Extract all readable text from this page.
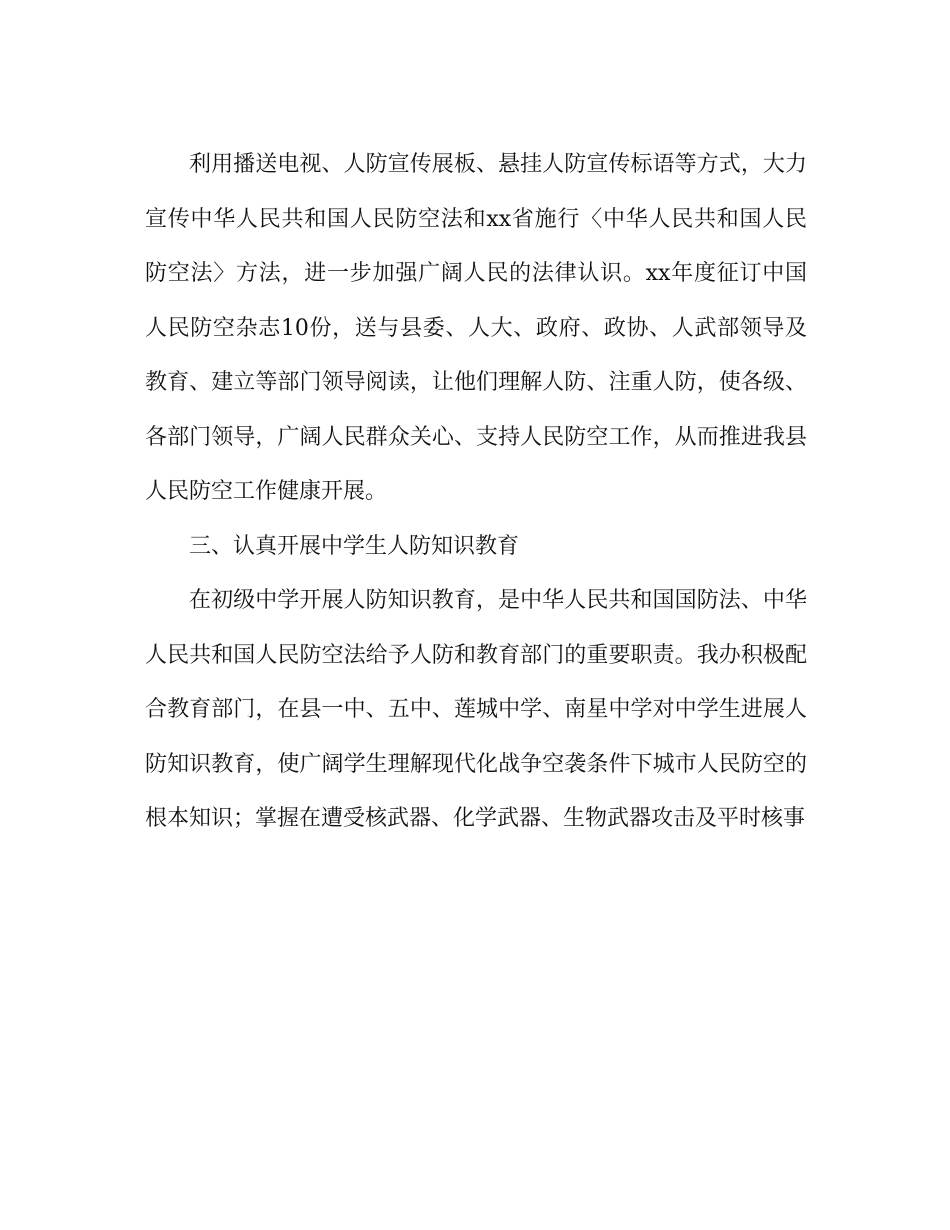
利用播送电视、人防宣传展板、悬挂人防宣传标语等方式，大力宣传中华人民共和国人民防空法和xx省施行〈中华人民共和国人民防空法〉方法，进一步加强广阔人民的法律认识。xx年度征订中国人民防空杂志10份，送与县委、人大、政府、政协、人武部领导及教育、建立等部门领导阅读，让他们理解人防、注重人防，使各级、各部门领导，广阔人民群众关心、支持人民防空工作，从而推进我县人民防空工作健康开展。

三、认真开展中学生人防知识教育

在初级中学开展人防知识教育，是中华人民共和国国防法、中华人民共和国人民防空法给予人防和教育部门的重要职责。我办积极配合教育部门，在县一中、五中、莲城中学、南星中学对中学生进展人防知识教育，使广阔学生理解现代化战争空袭条件下城市人民防空的根本知识；掌握在遭受核武器、化学武器、生物武器攻击及平时核事
